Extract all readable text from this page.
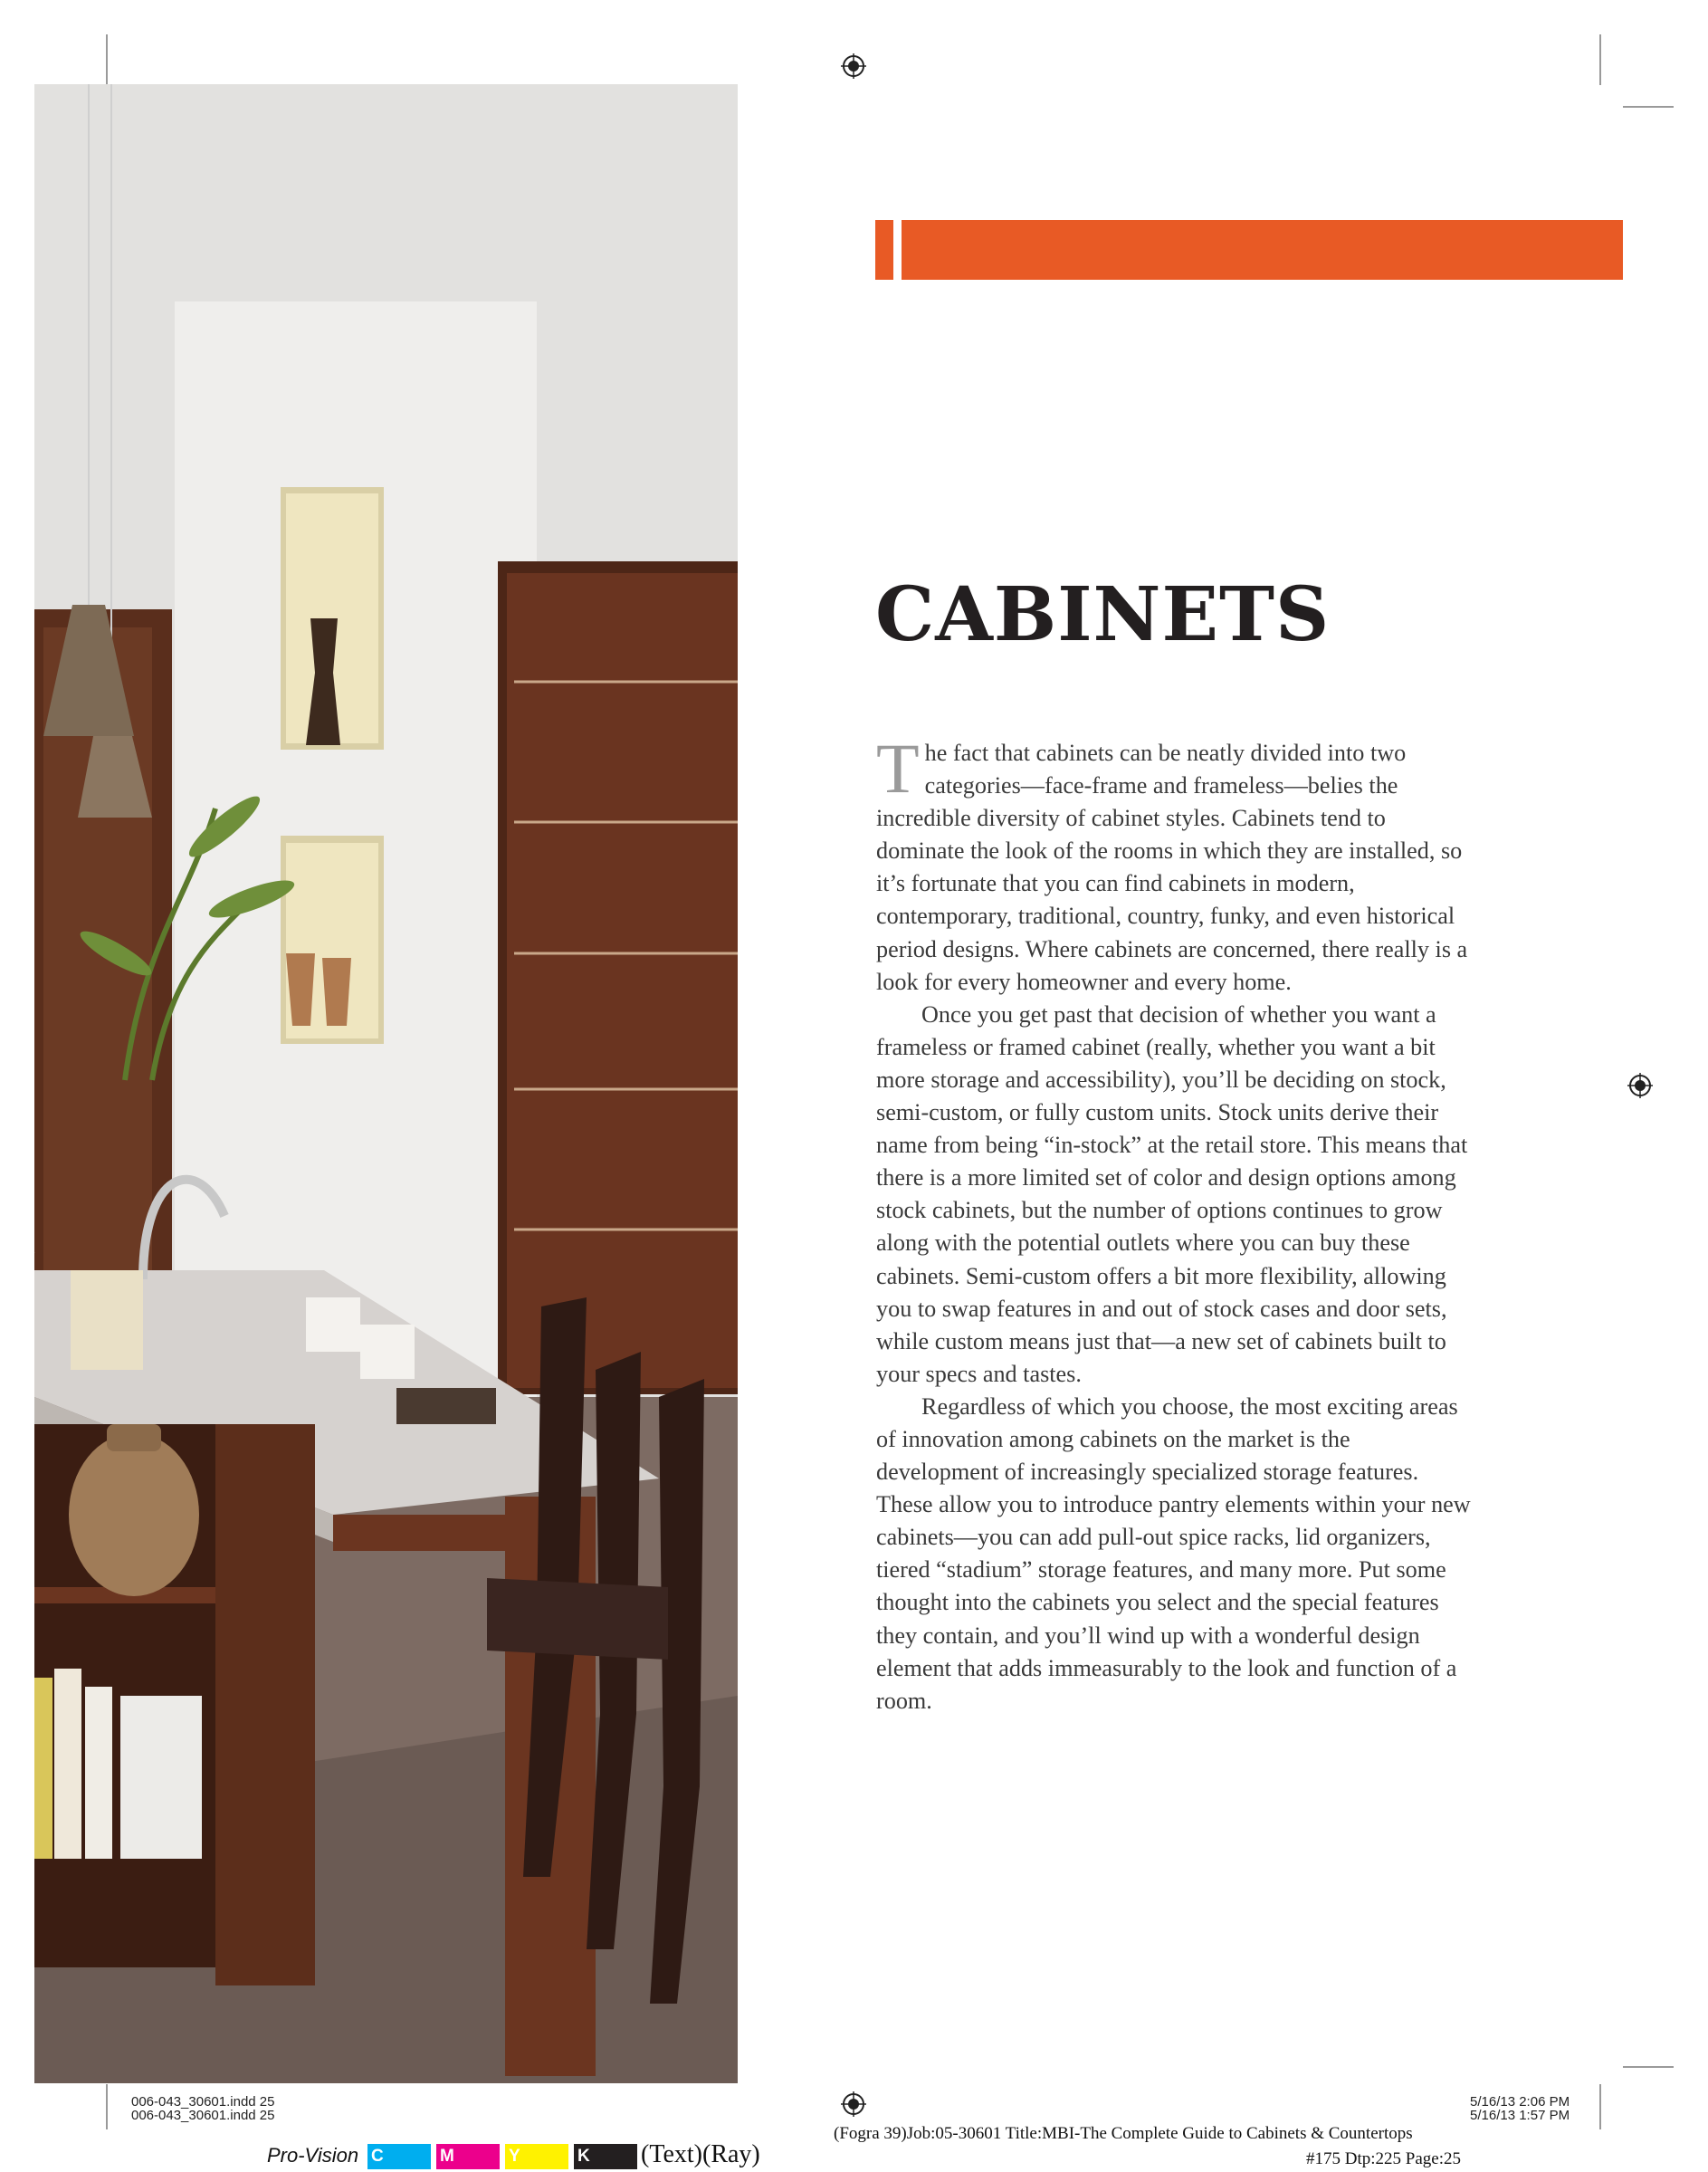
CABINETS

The fact that cabinets can be neatly divided into two categories—face-frame and frameless—belies the incredible diversity of cabinet styles. Cabinets tend to dominate the look of the rooms in which they are installed, so it’s fortunate that you can find cabinets in modern, contemporary, traditional, country, funky, and even historical period designs. Where cabinets are concerned, there really is a look for every homeowner and every home.

Once you get past that decision of whether you want a frameless or framed cabinet (really, whether you want a bit more storage and accessibility), you’ll be deciding on stock, semi-custom, or fully custom units. Stock units derive their name from being “in-stock” at the retail store. This means that there is a more limited set of color and design options among stock cabinets, but the number of options continues to grow along with the potential outlets where you can buy these cabinets. Semi-custom offers a bit more flexibility, allowing you to swap features in and out of stock cases and door sets, while custom means just that—a new set of cabinets built to your specs and tastes.

Regardless of which you choose, the most exciting areas of innovation among cabinets on the market is the development of increasingly specialized storage features. These allow you to introduce pantry elements within your new cabinets—you can add pull-out spice racks, lid organizers, tiered “stadium” storage features, and many more. Put some thought into the cabinets you select and the special features they contain, and you’ll wind up with a wonderful design element that adds immeasurably to the look and function of a room.

006-043_30601.indd 25
006-043_30601.indd 25
5/16/13 2:06 PM
5/16/13 1:57 PM
Pro-Vision C	M	Y	K	(Text)(Ray)
(Fogra 39)Job:05-30601 Title:MBI-The Complete Guide to Cabinets & Countertops
#175 Dtp:225 Page:25
